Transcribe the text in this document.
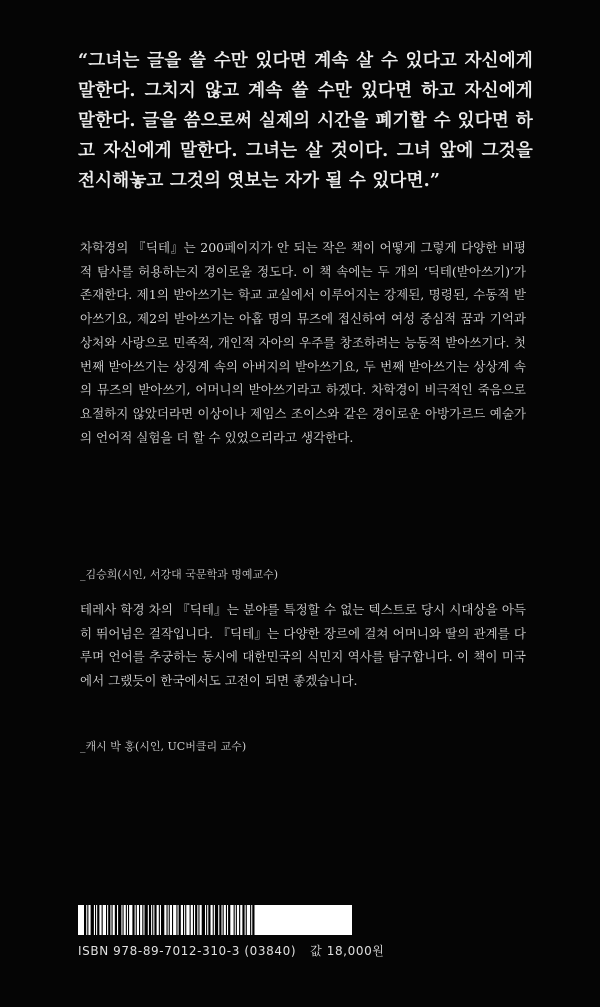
“그녀는 글을 쓸 수만 있다면 계속 살 수 있다고 자신에게 말한다. 그치지 않고 계속 쓸 수만 있다면 하고 자신에게 말한다. 글을 씀으로써 실제의 시간을 폐기할 수 있다면 하고 자신에게 말한다. 그녀는 살 것이다. 그녀 앞에 그것을 전시해놓고 그것의 엿보는 자가 될 수 있다면.”

차학경의 『딕테』는 200페이지가 안 되는 작은 책이 어떻게 그렇게 다양한 비평적 탐사를 허용하는지 경이로울 정도다. 이 책 속에는 두 개의 ‘딕테(받아쓰기)’가 존재한다. 제1의 받아쓰기는 학교 교실에서 이루어지는 강제된, 명령된, 수동적 받아쓰기요, 제2의 받아쓰기는 아홉 명의 뮤즈에 접신하여 여성 중심적 꿈과 기억과 상처와 사랑으로 민족적, 개인적 자아의 우주를 창조하려는 능동적 받아쓰기다. 첫 번째 받아쓰기는 상징계 속의 아버지의 받아쓰기요, 두 번째 받아쓰기는 상상계 속의 뮤즈의 받아쓰기, 어머니의 받아쓰기라고 하겠다. 차학경이 비극적인 죽음으로 요절하지 않았더라면 이상이나 제임스 조이스와 같은 경이로운 아방가르드 예술가의 언어적 실험을 더 할 수 있었으리라고 생각한다.

_김승희(시인, 서강대 국문학과 명예교수)

테레사 학경 차의 『딕테』는 분야를 특정할 수 없는 텍스트로 당시 시대상을 아득히 뛰어넘은 걸작입니다. 『딕테』는 다양한 장르에 걸쳐 어머니와 딸의 관계를 다루며 언어를 추궁하는 동시에 대한민국의 식민지 역사를 탐구합니다. 이 책이 미국에서 그랬듯이 한국에서도 고전이 되면 좋겠습니다.

_캐시 박 홍(시인, UC버클리 교수)

ISBN 978-89-7012-310-3 (03840) 값 18,000원
